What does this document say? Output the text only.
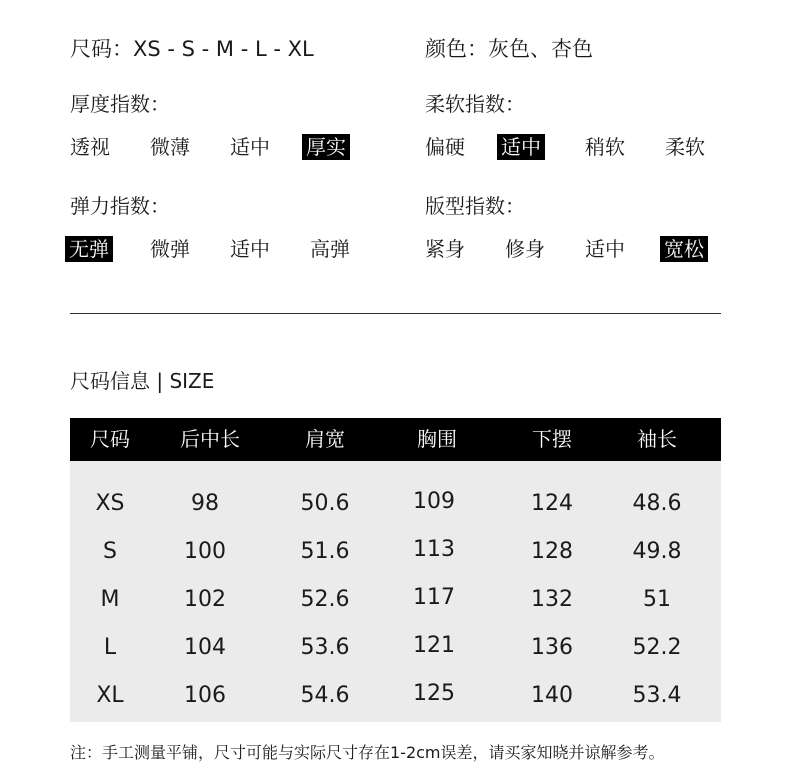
尺码：XS - S - M - L - XL	颜色：灰色、杏色
厚度指数：
透视 微薄 适中 厚实
柔软指数：
偏硬 适中 稍软 柔软
弹力指数：
无弹 微弹 适中 高弹
版型指数：
紧身 修身 适中 宽松
尺码信息 | SIZE
尺码	后中长	肩宽	胸围	下摆	袖长
XS	98	50.6	109	124	48.6
S	100	51.6	113	128	49.8
M	102	52.6	117	132	51
L	104	53.6	121	136	52.2
XL	106	54.6	125	140	53.4
注：手工测量平铺，尺寸可能与实际尺寸存在1-2cm误差，请买家知晓并谅解参考。
